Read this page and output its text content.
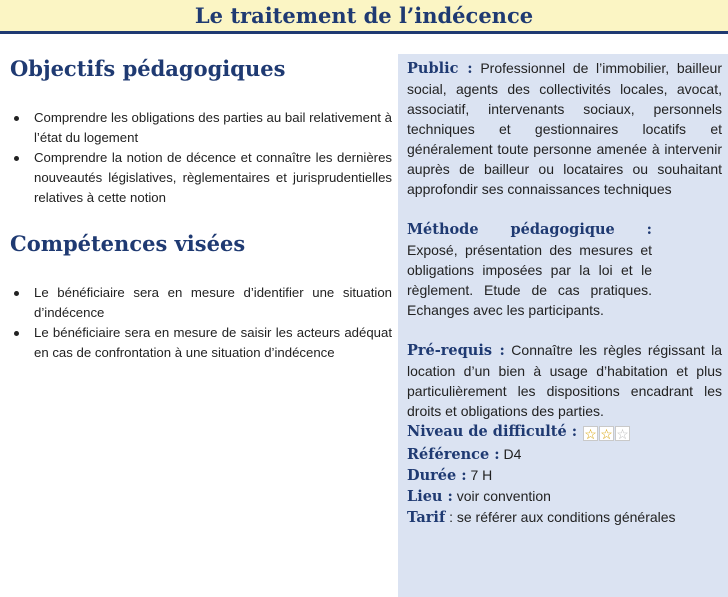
Le traitement de l’indécence
Objectifs pédagogiques
Comprendre les obligations des parties au bail relativement à l’état du logement
Comprendre la notion de décence et connaître les dernières nouveautés législatives, règlementaires et jurisprudentielles relatives à cette notion
Compétences visées
Le bénéficiaire sera en mesure d’identifier une situation d’indécence
Le bénéficiaire sera en mesure de saisir les acteurs adéquat en cas de confrontation à une situation d’indécence

Public : Professionnel de l’immobilier, bailleur social, agents des collectivités locales, avocat, associatif, intervenants sociaux, personnels techniques et gestionnaires locatifs et généralement toute personne amenée à intervenir auprès de bailleur ou locataires ou souhaitant approfondir ses connaissances techniques

Méthode pédagogique : Exposé, présentation des mesures et obligations imposées par la loi et le règlement. Etude de cas pratiques. Echanges avec les participants.

Pré-requis : Connaître les règles régissant la location d’un bien à usage d’habitation et plus particulièrement les dispositions encadrant les droits et obligations des parties.

Niveau de difficulté : ☆ ☆ ☆

Référence : D4

Durée : 7 H

Lieu : voir convention

Tarif : se référer aux conditions générales
